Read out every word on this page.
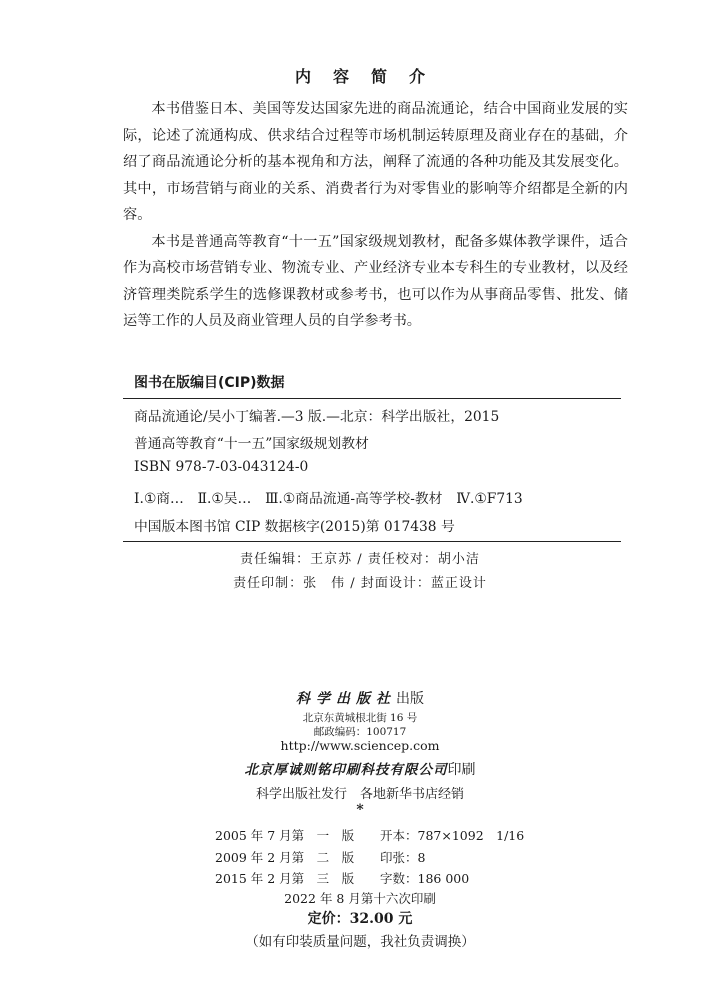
内容简介

本书借鉴日本、美国等发达国家先进的商品流通论，结合中国商业发展的实际，论述了流通构成、供求结合过程等市场机制运转原理及商业存在的基础，介绍了商品流通论分析的基本视角和方法，阐释了流通的各种功能及其发展变化。其中，市场营销与商业的关系、消费者行为对零售业的影响等介绍都是全新的内容。

本书是普通高等教育“十一五”国家级规划教材，配备多媒体教学课件，适合作为高校市场营销专业、物流专业、产业经济专业本专科生的专业教材，以及经济管理类院系学生的选修课教材或参考书，也可以作为从事商品零售、批发、储运等工作的人员及商业管理人员的自学参考书。

图书在版编目(CIP)数据
商品流通论/吴小丁编著.—3 版.—北京：科学出版社，2015
普通高等教育“十一五”国家级规划教材
ISBN 978-7-03-043124-0
Ⅰ.①商…　Ⅱ.①吴…　Ⅲ.①商品流通-高等学校-教材　Ⅳ.①F713
中国版本图书馆 CIP 数据核字(2015)第 017438 号
责任编辑：王京苏 / 责任校对：胡小洁
责任印制：张　伟 / 封面设计：蓝正设计
科学出版社出版
北京东黄城根北街 16 号
邮政编码：100717
http://www.sciencep.com
北京厚诚则铭印刷科技有限公司印刷
科学出版社发行　各地新华书店经销
*
2005 年 7 月第　一　版 开本：787×1092　1/16
2009 年 2 月第　二　版 印张：8
2015 年 2 月第　三　版 字数：186 000
2022 年 8 月第十六次印刷
定价：32.00 元
（如有印装质量问题，我社负责调换）
